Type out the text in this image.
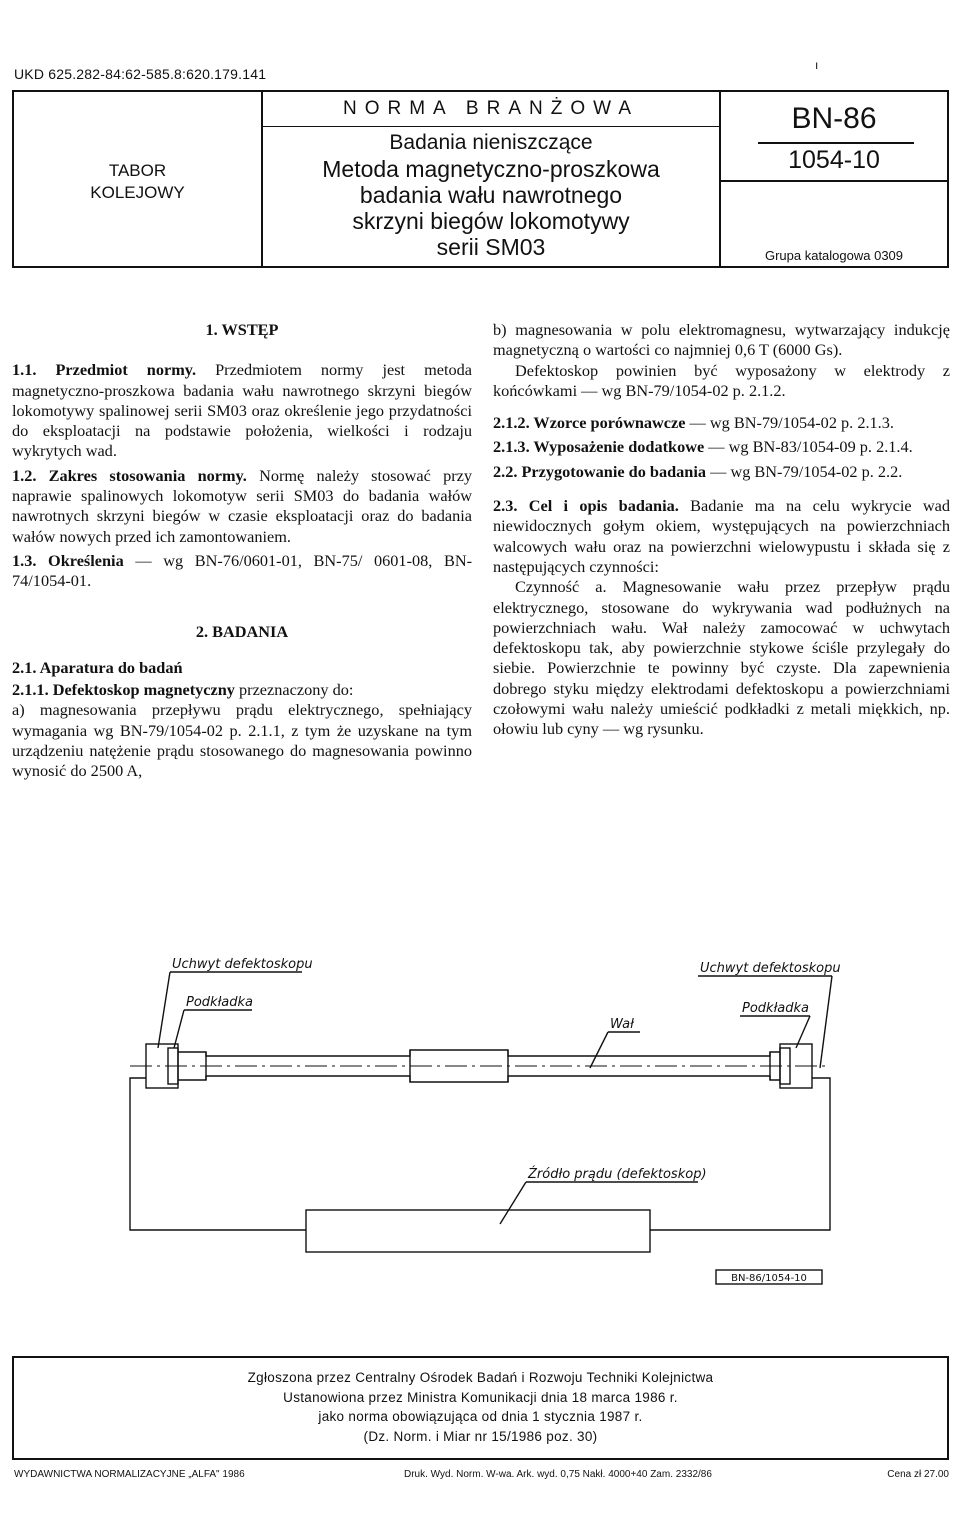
UKD 625.282-84:62-585.8:620.179.141
ı
TABOR
KOLEJOWY
NORMA BRANŻOWA
Badania nieniszczące
Metoda magnetyczno-proszkowa
badania wału nawrotnego
skrzyni biegów lokomotywy
serii SM03
BN-86
1054-10
Grupa katalogowa 0309

1. WSTĘP

1.1. Przedmiot normy. Przedmiotem normy jest metoda magnetyczno-proszkowa badania wału nawrotnego skrzyni biegów lokomotywy spalinowej serii SM03 oraz określenie jego przydatności do eksploatacji na podstawie położenia, wielkości i rodzaju wykrytych wad.

1.2. Zakres stosowania normy. Normę należy stosować przy naprawie spalinowych lokomotyw serii SM03 do badania wałów nawrotnych skrzyni biegów w czasie eksploatacji oraz do badania wałów nowych przed ich zamontowaniem.

1.3. Określenia — wg BN-76/0601-01, BN-75/ 0601-08, BN-74/1054-01.

2. BADANIA

2.1. Aparatura do badań

2.1.1. Defektoskop magnetyczny przeznaczony do:

a) magnesowania przepływu prądu elektrycznego, spełniający wymagania wg BN-79/1054-02 p. 2.1.1, z tym że uzyskane na tym urządzeniu natężenie prądu stosowanego do magnesowania powinno wynosić do 2500 A,

b) magnesowania w polu elektromagnesu, wytwarzający indukcję magnetyczną o wartości co najmniej 0,6 T (6000 Gs).

Defektoskop powinien być wyposażony w elektrody z końcówkami — wg BN-79/1054-02 p. 2.1.2.

2.1.2. Wzorce porównawcze — wg BN-79/1054-02 p. 2.1.3.

2.1.3. Wyposażenie dodatkowe — wg BN-83/1054-09 p. 2.1.4.

2.2. Przygotowanie do badania — wg BN-79/1054-02 p. 2.2.

2.3. Cel i opis badania. Badanie ma na celu wykrycie wad niewidocznych gołym okiem, występujących na powierzchniach walcowych wału oraz na powierzchni wielowypustu i składa się z następujących czynności:

Czynność a. Magnesowanie wału przez przepływ prądu elektrycznego, stosowane do wykrywania wad podłużnych na powierzchniach wału. Wał należy zamocować w uchwytach defektoskopu tak, aby powierzchnie stykowe ściśle przylegały do siebie. Powierzchnie te powinny być czyste. Dla zapewnienia dobrego styku między elektrodami defektoskopu a powierzchniami czołowymi wału należy umieścić podkładki z metali miękkich, np. ołowiu lub cyny — wg rysunku.

Uchwyt defektoskopu
Podkładka
Wał
Uchwyt defektoskopu
Podkładka
Źródło prądu (defektoskop)
BN-86/1054-10
Zgłoszona przez Centralny Ośrodek Badań i Rozwoju Techniki Kolejnictwa
Ustanowiona przez Ministra Komunikacji dnia 18 marca 1986 r.
jako norma obowiązująca od dnia 1 stycznia 1987 r.
(Dz. Norm. i Miar nr 15/1986 poz. 30)
WYDAWNICTWA NORMALIZACYJNE „ALFA" 1986	Druk. Wyd. Norm. W-wa. Ark. wyd. 0,75 Nakł. 4000+40 Zam. 2332/86	Cena zł 27.00
